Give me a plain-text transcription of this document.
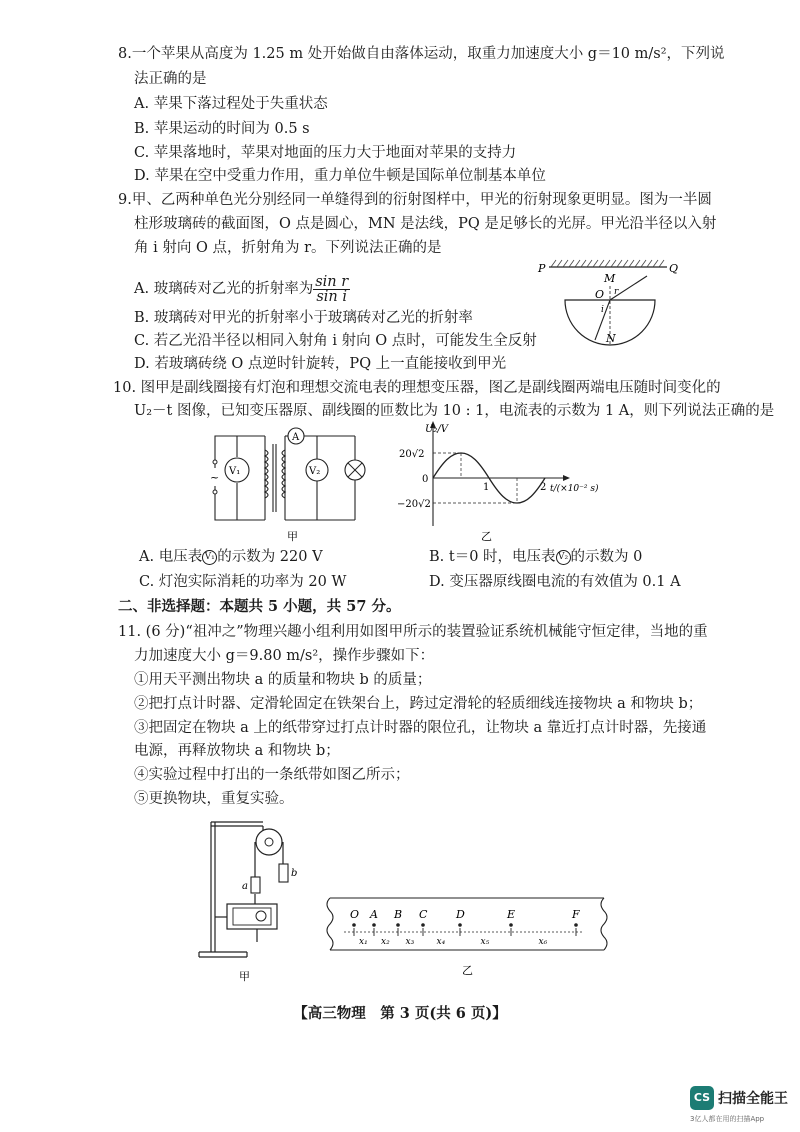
8.一个苹果从高度为 1.25 m 处开始做自由落体运动，取重力加速度大小 g＝10 m/s²，下列说
法正确的是
A. 苹果下落过程处于失重状态
B. 苹果运动的时间为 0.5 s
C. 苹果落地时，苹果对地面的压力大于地面对苹果的支持力
D. 苹果在空中受重力作用，重力单位牛顿是国际单位制基本单位
9.甲、乙两种单色光分别经同一单缝得到的衍射图样中，甲光的衍射现象更明显。图为一半圆
柱形玻璃砖的截面图，O 点是圆心，MN 是法线，PQ 是足够长的光屏。甲光沿半径以入射
角 i 射向 O 点，折射角为 r。下列说法正确的是
A. 玻璃砖对乙光的折射率为 $\frac{\text{sin r}}{\text{sin i}}$
B. 玻璃砖对甲光的折射率小于玻璃砖对乙光的折射率
C. 若乙光沿半径以相同入射角 i 射向 O 点时，可能发生全反射
D. 若玻璃砖绕 O 点逆时针旋转，PQ 上一直能接收到甲光
P	Q
M
O r
i
N
10. 图甲是副线圈接有灯泡和理想交流电表的理想变压器，图乙是副线圈两端电压随时间变化的
U₂－t 图像，已知变压器原、副线圈的匝数比为 10 : 1，电流表的示数为 1 A，则下列说法正确的是
~ V₁
A
V₂
甲
U₂/V
t/(×10⁻² s)
20√2
−20√2
0
1	2
乙
A. 电压表 V₁ 的示数为 220 V	B. t＝0 时，电压表 V₂ 的示数为 0
C. 灯泡实际消耗的功率为 20 W	D. 变压器原线圈电流的有效值为 0.1 A
二、非选择题：本题共 5 小题，共 57 分。
11. (6 分)“祖冲之”物理兴趣小组利用如图甲所示的装置验证系统机械能守恒定律，当地的重
力加速度大小 g＝9.80 m/s²，操作步骤如下：
①用天平测出物块 a 的质量和物块 b 的质量；
②把打点计时器、定滑轮固定在铁架台上，跨过定滑轮的轻质细线连接物块 a 和物块 b；
③把固定在物块 a 上的纸带穿过打点计时器的限位孔，让物块 a 靠近打点计时器，先接通
电源，再释放物块 a 和物块 b；
④实验过程中打出的一条纸带如图乙所示；
⑤更换物块，重复实验。
b
a
甲
O A B C	D	E	F
x₁ x₂ x₃ x₄	x₅	x₆
乙
【高三物理　第 3 页(共 6 页)】
CS 扫描全能王
3亿人都在用的扫描App
